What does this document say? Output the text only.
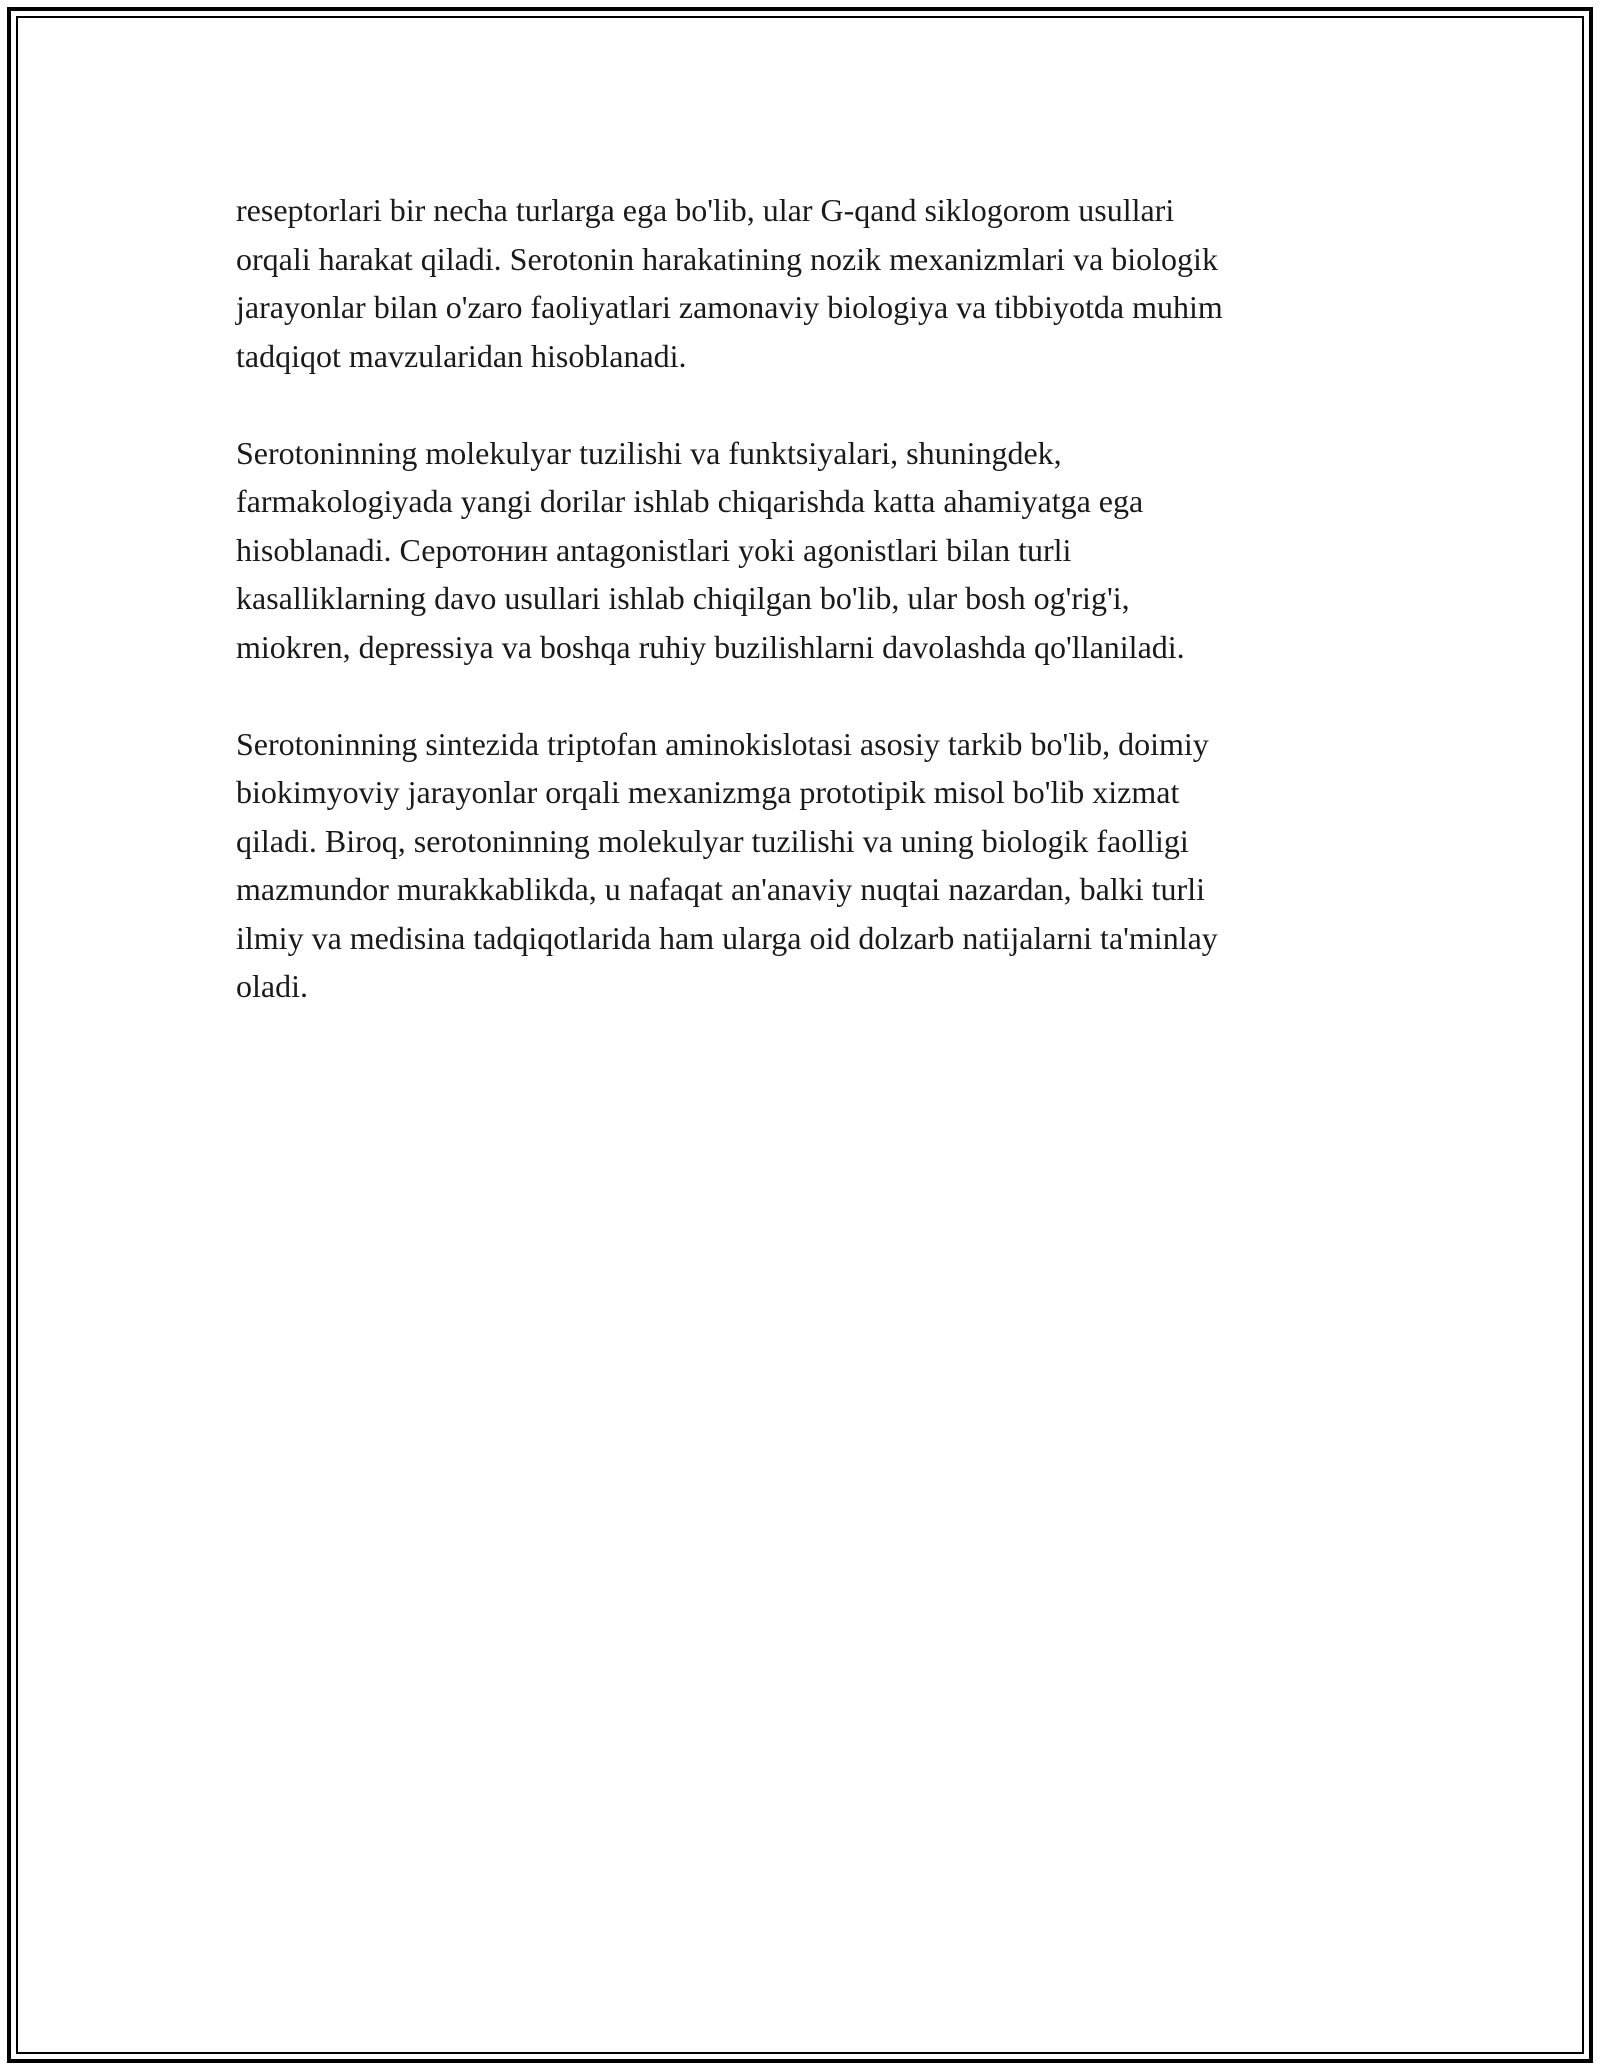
reseptorlari bir necha turlarga ega bo'lib, ular G-qand siklogorom usullari
orqali harakat qiladi. Serotonin harakatining nozik mexanizmlari va biologik
jarayonlar bilan o'zaro faoliyatlari zamonaviy biologiya va tibbiyotda muhim
tadqiqot mavzularidan hisoblanadi.
Serotoninning molekulyar tuzilishi va funktsiyalari, shuningdek,
farmakologiyada yangi dorilar ishlab chiqarishda katta ahamiyatga ega
hisoblanadi. Серотонин antagonistlari yoki agonistlari bilan turli
kasalliklarning davo usullari ishlab chiqilgan bo'lib, ular bosh og'rig'i,
miokren, depressiya va boshqa ruhiy buzilishlarni davolashda qo'llaniladi.
Serotoninning sintezida triptofan aminokislotasi asosiy tarkib bo'lib, doimiy
biokimyoviy jarayonlar orqali mexanizmga prototipik misol bo'lib xizmat
qiladi. Biroq, serotoninning molekulyar tuzilishi va uning biologik faolligi
mazmundor murakkablikda, u nafaqat an'anaviy nuqtai nazardan, balki turli
ilmiy va medisina tadqiqotlarida ham ularga oid dolzarb natijalarni ta'minlay
oladi.
